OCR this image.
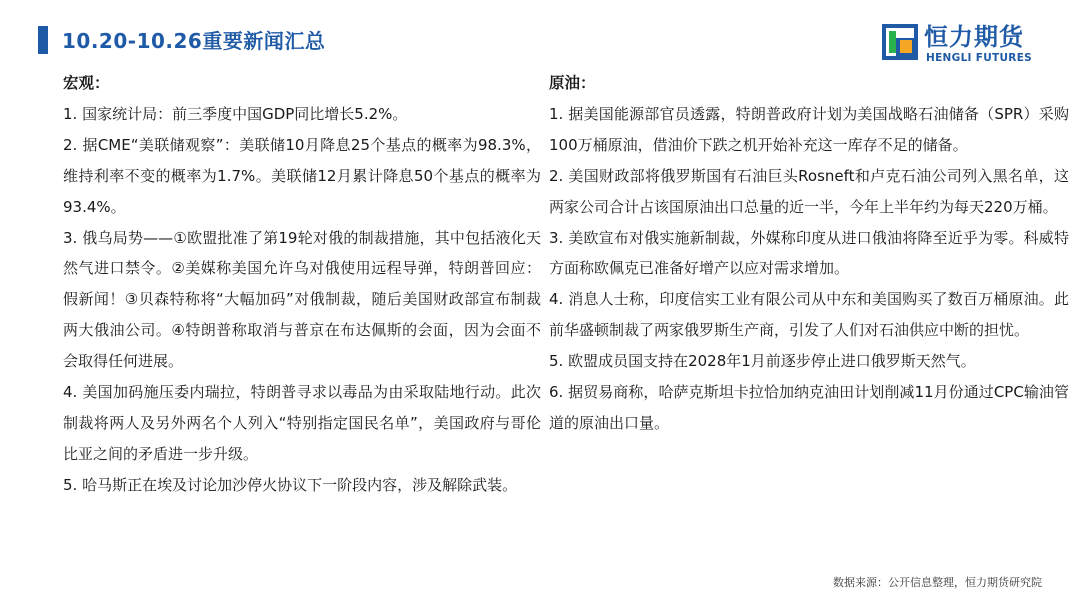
10.20-10.26重要新闻汇总	恒力期货
HENGLI FUTURES

宏观：

1. 国家统计局：前三季度中国GDP同比增长5.2%。

2. 据CME“美联储观察”：美联储10月降息25个基点的概率为98.3%，维持利率不变的概率为1.7%。美联储12月累计降息50个基点的概率为93.4%。

3. 俄乌局势——①欧盟批准了第19轮对俄的制裁措施，其中包括液化天然气进口禁令。②美媒称美国允许乌对俄使用远程导弹，特朗普回应：假新闻！③贝森特称将“大幅加码”对俄制裁，随后美国财政部宣布制裁两大俄油公司。④特朗普称取消与普京在布达佩斯的会面，因为会面不会取得任何进展。

4. 美国加码施压委内瑞拉，特朗普寻求以毒品为由采取陆地行动。此次制裁将两人及另外两名个人列入“特别指定国民名单”，美国政府与哥伦比亚之间的矛盾进一步升级。

5. 哈马斯正在埃及讨论加沙停火协议下一阶段内容，涉及解除武装。

原油：

1. 据美国能源部官员透露，特朗普政府计划为美国战略石油储备（SPR）采购100万桶原油，借油价下跌之机开始补充这一库存不足的储备。

2. 美国财政部将俄罗斯国有石油巨头Rosneft和卢克石油公司列入黑名单，这两家公司合计占该国原油出口总量的近一半，今年上半年约为每天220万桶。

3. 美欧宣布对俄实施新制裁，外媒称印度从进口俄油将降至近乎为零。科威特方面称欧佩克已准备好增产以应对需求增加。

4. 消息人士称，印度信实工业有限公司从中东和美国购买了数百万桶原油。此前华盛顿制裁了两家俄罗斯生产商，引发了人们对石油供应中断的担忧。

5. 欧盟成员国支持在2028年1月前逐步停止进口俄罗斯天然气。

6. 据贸易商称，哈萨克斯坦卡拉恰加纳克油田计划削减11月份通过CPC输油管道的原油出口量。

数据来源：公开信息整理，恒力期货研究院
